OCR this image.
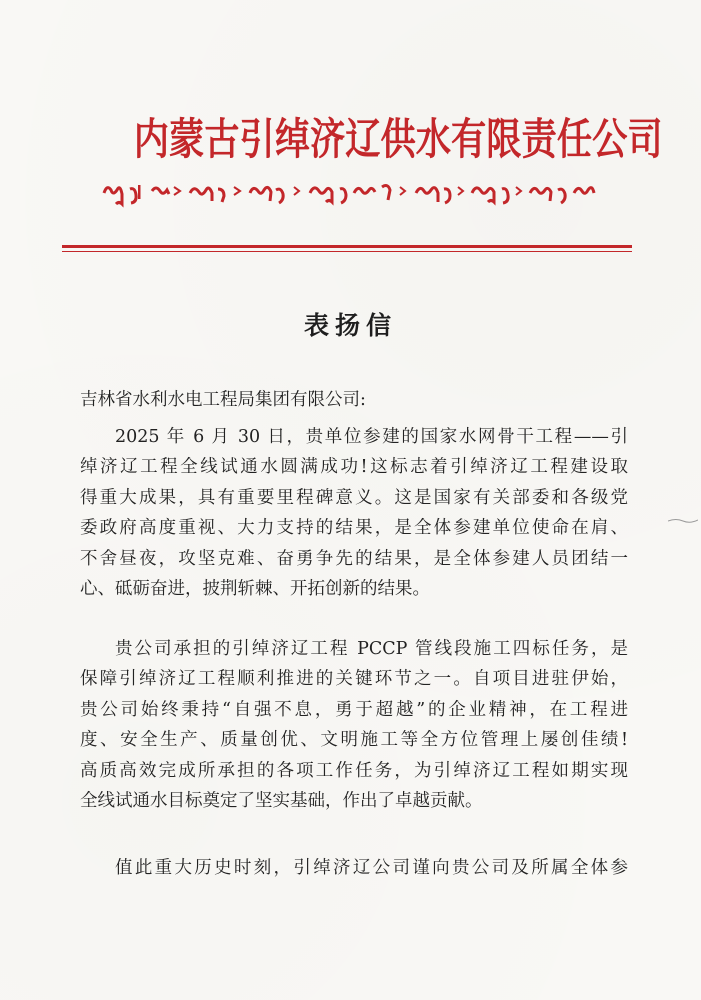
内蒙古引绰济辽供水有限责任公司
表扬信
吉林省水利水电工程局集团有限公司:
2025 年 6 月 30 日，贵单位参建的国家水网骨干工程——引
绰济辽工程全线试通水圆满成功!这标志着引绰济辽工程建设取
得重大成果，具有重要里程碑意义。这是国家有关部委和各级党
委政府高度重视、大力支持的结果，是全体参建单位使命在肩、
不舍昼夜，攻坚克难、奋勇争先的结果，是全体参建人员团结一
心、砥砺奋进，披荆斩棘、开拓创新的结果。
贵公司承担的引绰济辽工程 PCCP 管线段施工四标任务，是
保障引绰济辽工程顺利推进的关键环节之一。自项目进驻伊始，
贵公司始终秉持“自强不息，勇于超越”的企业精神，在工程进
度、安全生产、质量创优、文明施工等全方位管理上屡创佳绩!
高质高效完成所承担的各项工作任务，为引绰济辽工程如期实现
全线试通水目标奠定了坚实基础，作出了卓越贡献。
值此重大历史时刻，引绰济辽公司谨向贵公司及所属全体参
